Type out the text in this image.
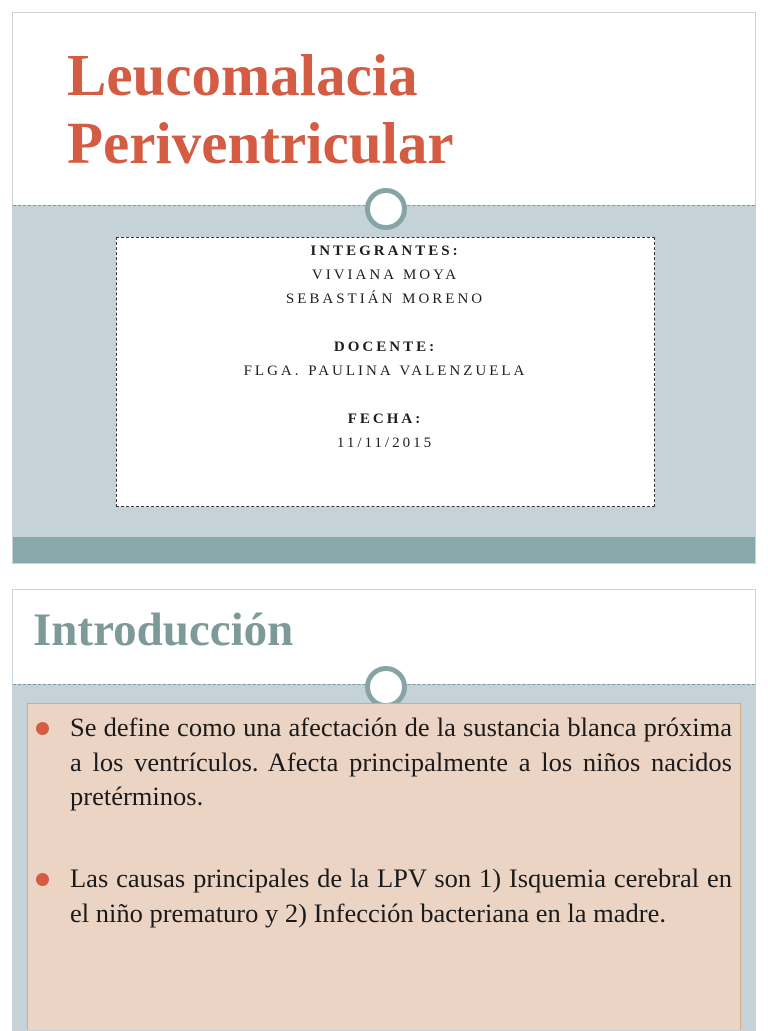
Leucomalacia
Periventricular
INTEGRANTES:
VIVIANA MOYA
SEBASTIÁN MORENO
DOCENTE:
FLGA. PAULINA VALENZUELA
FECHA:
11/11/2015
Introducción
Se define como una afectación de la sustancia blanca próxima a los ventrículos. Afecta principalmente a los niños nacidos pretérminos.
Las causas principales de la LPV son 1) Isquemia cerebral en el niño prematuro y 2) Infección bacteriana en la madre.
